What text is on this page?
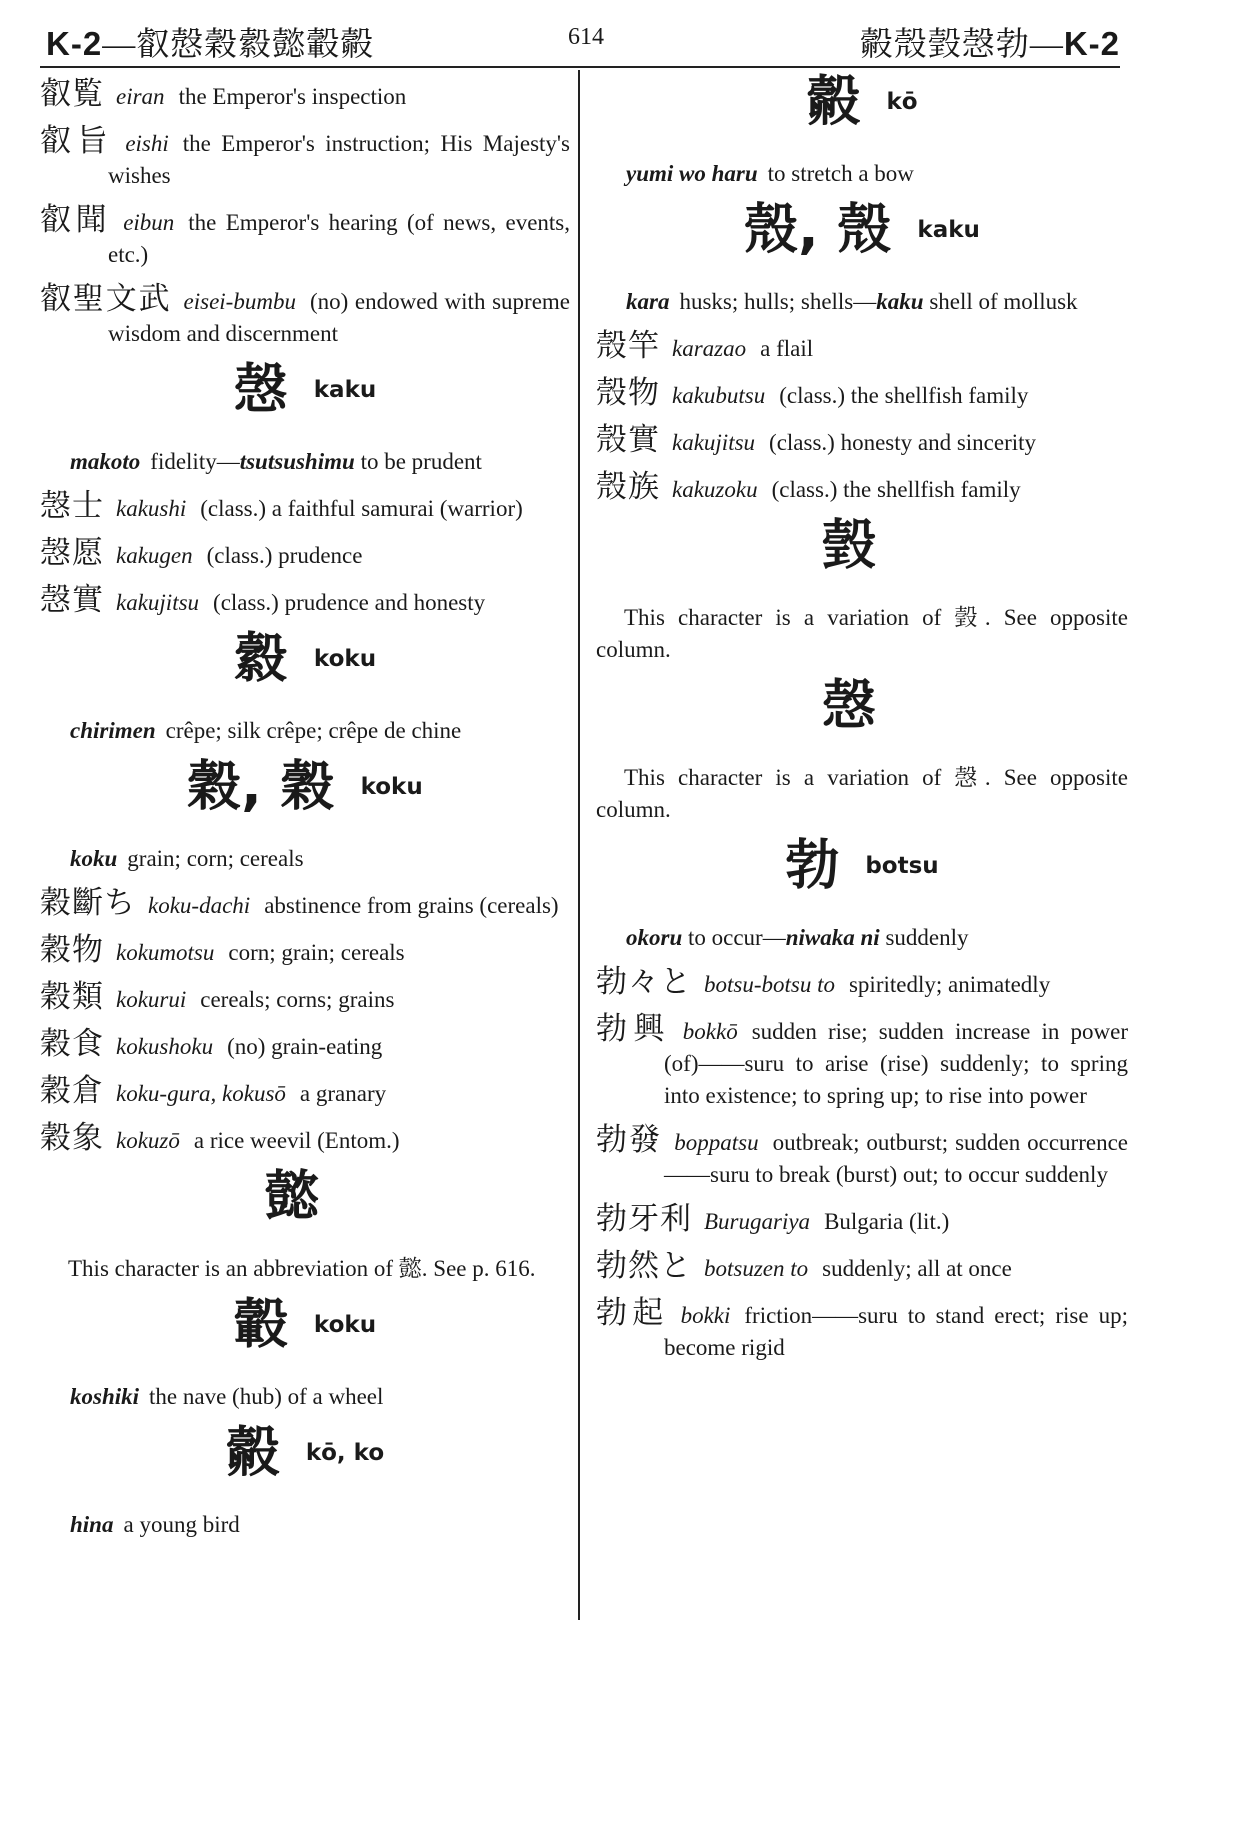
K-2—叡慤穀縠懿轂㲉	614	㲉殼瑴愨勃—K-2
叡覧 eiran the Emperor's inspection
叡旨 eishi the Emperor's instruction; His Majesty's wishes
叡聞 eibun the Emperor's hearing (of news, events, etc.)
叡聖文武 eisei-bumbu (no) endowed with supreme wisdom and discernment
愨 kaku
makoto fidelity—tsutsushimu to be prudent
愨士 kakushi (class.) a faithful samurai (warrior)
愨愿 kakugen (class.) prudence
愨實 kakujitsu (class.) prudence and honesty
縠 koku
chirimen crêpe; silk crêpe; crêpe de chine
穀, 穀 koku
koku grain; corn; cereals
穀斷ち koku-dachi abstinence from grains (cereals)
穀物 kokumotsu corn; grain; cereals
穀類 kokurui cereals; corns; grains
穀食 kokushoku (no) grain-eating
穀倉 koku-gura, kokusō a granary
穀象 kokuzō a rice weevil (Entom.)
懿
This character is an abbreviation of 懿. See p. 616.
轂 koku
koshiki the nave (hub) of a wheel
㲉 kō, ko
hina a young bird
㲉 kō
yumi wo haru to stretch a bow
殼, 殼 kaku
kara husks; hulls; shells—kaku shell of mollusk
殼竿 karazao a flail
殼物 kakubutsu (class.) the shellfish family
殼實 kakujitsu (class.) honesty and sincerity
殼族 kakuzoku (class.) the shellfish family
瑴
This character is a variation of 瑴. See opposite column.
愨
This character is a variation of 愨. See opposite column.
勃 botsu
okoru to occur—niwaka ni suddenly
勃々と botsu-botsu to spiritedly; animatedly
勃興 bokkō sudden rise; sudden increase in power (of)——suru to arise (rise) suddenly; to spring into existence; to spring up; to rise into power
勃發 boppatsu outbreak; outburst; sudden occurrence——suru to break (burst) out; to occur suddenly
勃牙利 Burugariya Bulgaria (lit.)
勃然と botsuzen to suddenly; all at once
勃起 bokki friction——suru to stand erect; rise up; become rigid
